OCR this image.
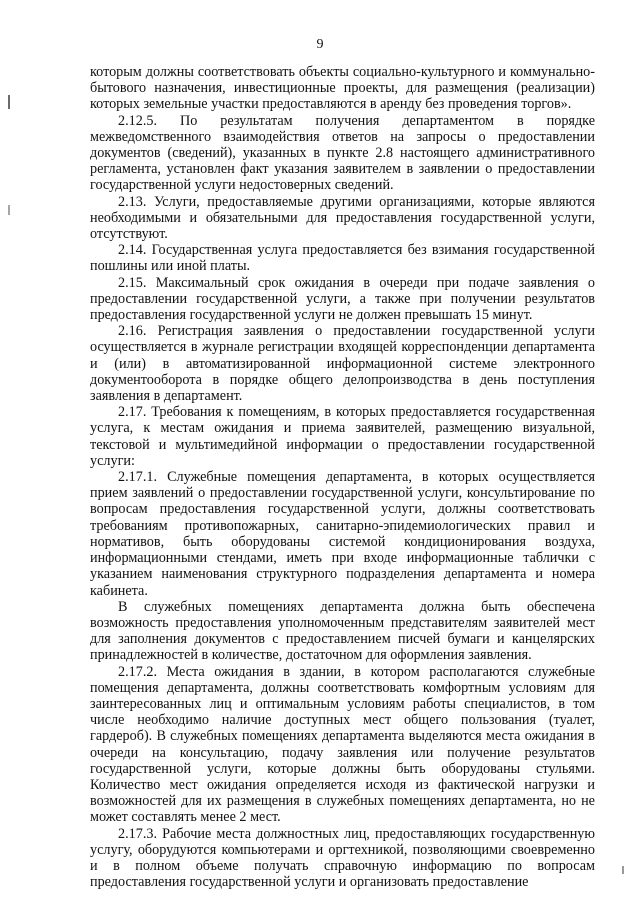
9

которым должны соответствовать объекты социально-культурного и коммунально-бытового назначения, инвестиционные проекты, для размещения (реализации) которых земельные участки предоставляются в аренду без проведения торгов».

2.12.5. По результатам получения департаментом в порядке межведомственного взаимодействия ответов на запросы о предоставлении документов (сведений), указанных в пункте 2.8 настоящего административного регламента, установлен факт указания заявителем в заявлении о предоставлении государственной услуги недостоверных сведений.

2.13. Услуги, предоставляемые другими организациями, которые являются необходимыми и обязательными для предоставления государственной услуги, отсутствуют.

2.14. Государственная услуга предоставляется без взимания государственной пошлины или иной платы.

2.15. Максимальный срок ожидания в очереди при подаче заявления о предоставлении государственной услуги, а также при получении результатов предоставления государственной услуги не должен превышать 15 минут.

2.16. Регистрация заявления о предоставлении государственной услуги осуществляется в журнале регистрации входящей корреспонденции департамента и (или) в автоматизированной информационной системе электронного документооборота в порядке общего делопроизводства в день поступления заявления в департамент.

2.17. Требования к помещениям, в которых предоставляется государственная услуга, к местам ожидания и приема заявителей, размещению визуальной, текстовой и мультимедийной информации о предоставлении государственной услуги:

2.17.1. Служебные помещения департамента, в которых осуществляется прием заявлений о предоставлении государственной услуги, консультирование по вопросам предоставления государственной услуги, должны соответствовать требованиям противопожарных, санитарно-эпидемиологических правил и нормативов, быть оборудованы системой кондиционирования воздуха, информационными стендами, иметь при входе информационные таблички с указанием наименования структурного подразделения департамента и номера кабинета.

В служебных помещениях департамента должна быть обеспечена возможность предоставления уполномоченным представителям заявителей мест для заполнения документов с предоставлением писчей бумаги и канцелярских принадлежностей в количестве, достаточном для оформления заявления.

2.17.2. Места ожидания в здании, в котором располагаются служебные помещения департамента, должны соответствовать комфортным условиям для заинтересованных лиц и оптимальным условиям работы специалистов, в том числе необходимо наличие доступных мест общего пользования (туалет, гардероб). В служебных помещениях департамента выделяются места ожидания в очереди на консультацию, подачу заявления или получение результатов государственной услуги, которые должны быть оборудованы стульями. Количество мест ожидания определяется исходя из фактической нагрузки и возможностей для их размещения в служебных помещениях департамента, но не может составлять менее 2 мест.

2.17.3. Рабочие места должностных лиц, предоставляющих государственную услугу, оборудуются компьютерами и оргтехникой, позволяющими своевременно и в полном объеме получать справочную информацию по вопросам предоставления государственной услуги и организовать предоставление
